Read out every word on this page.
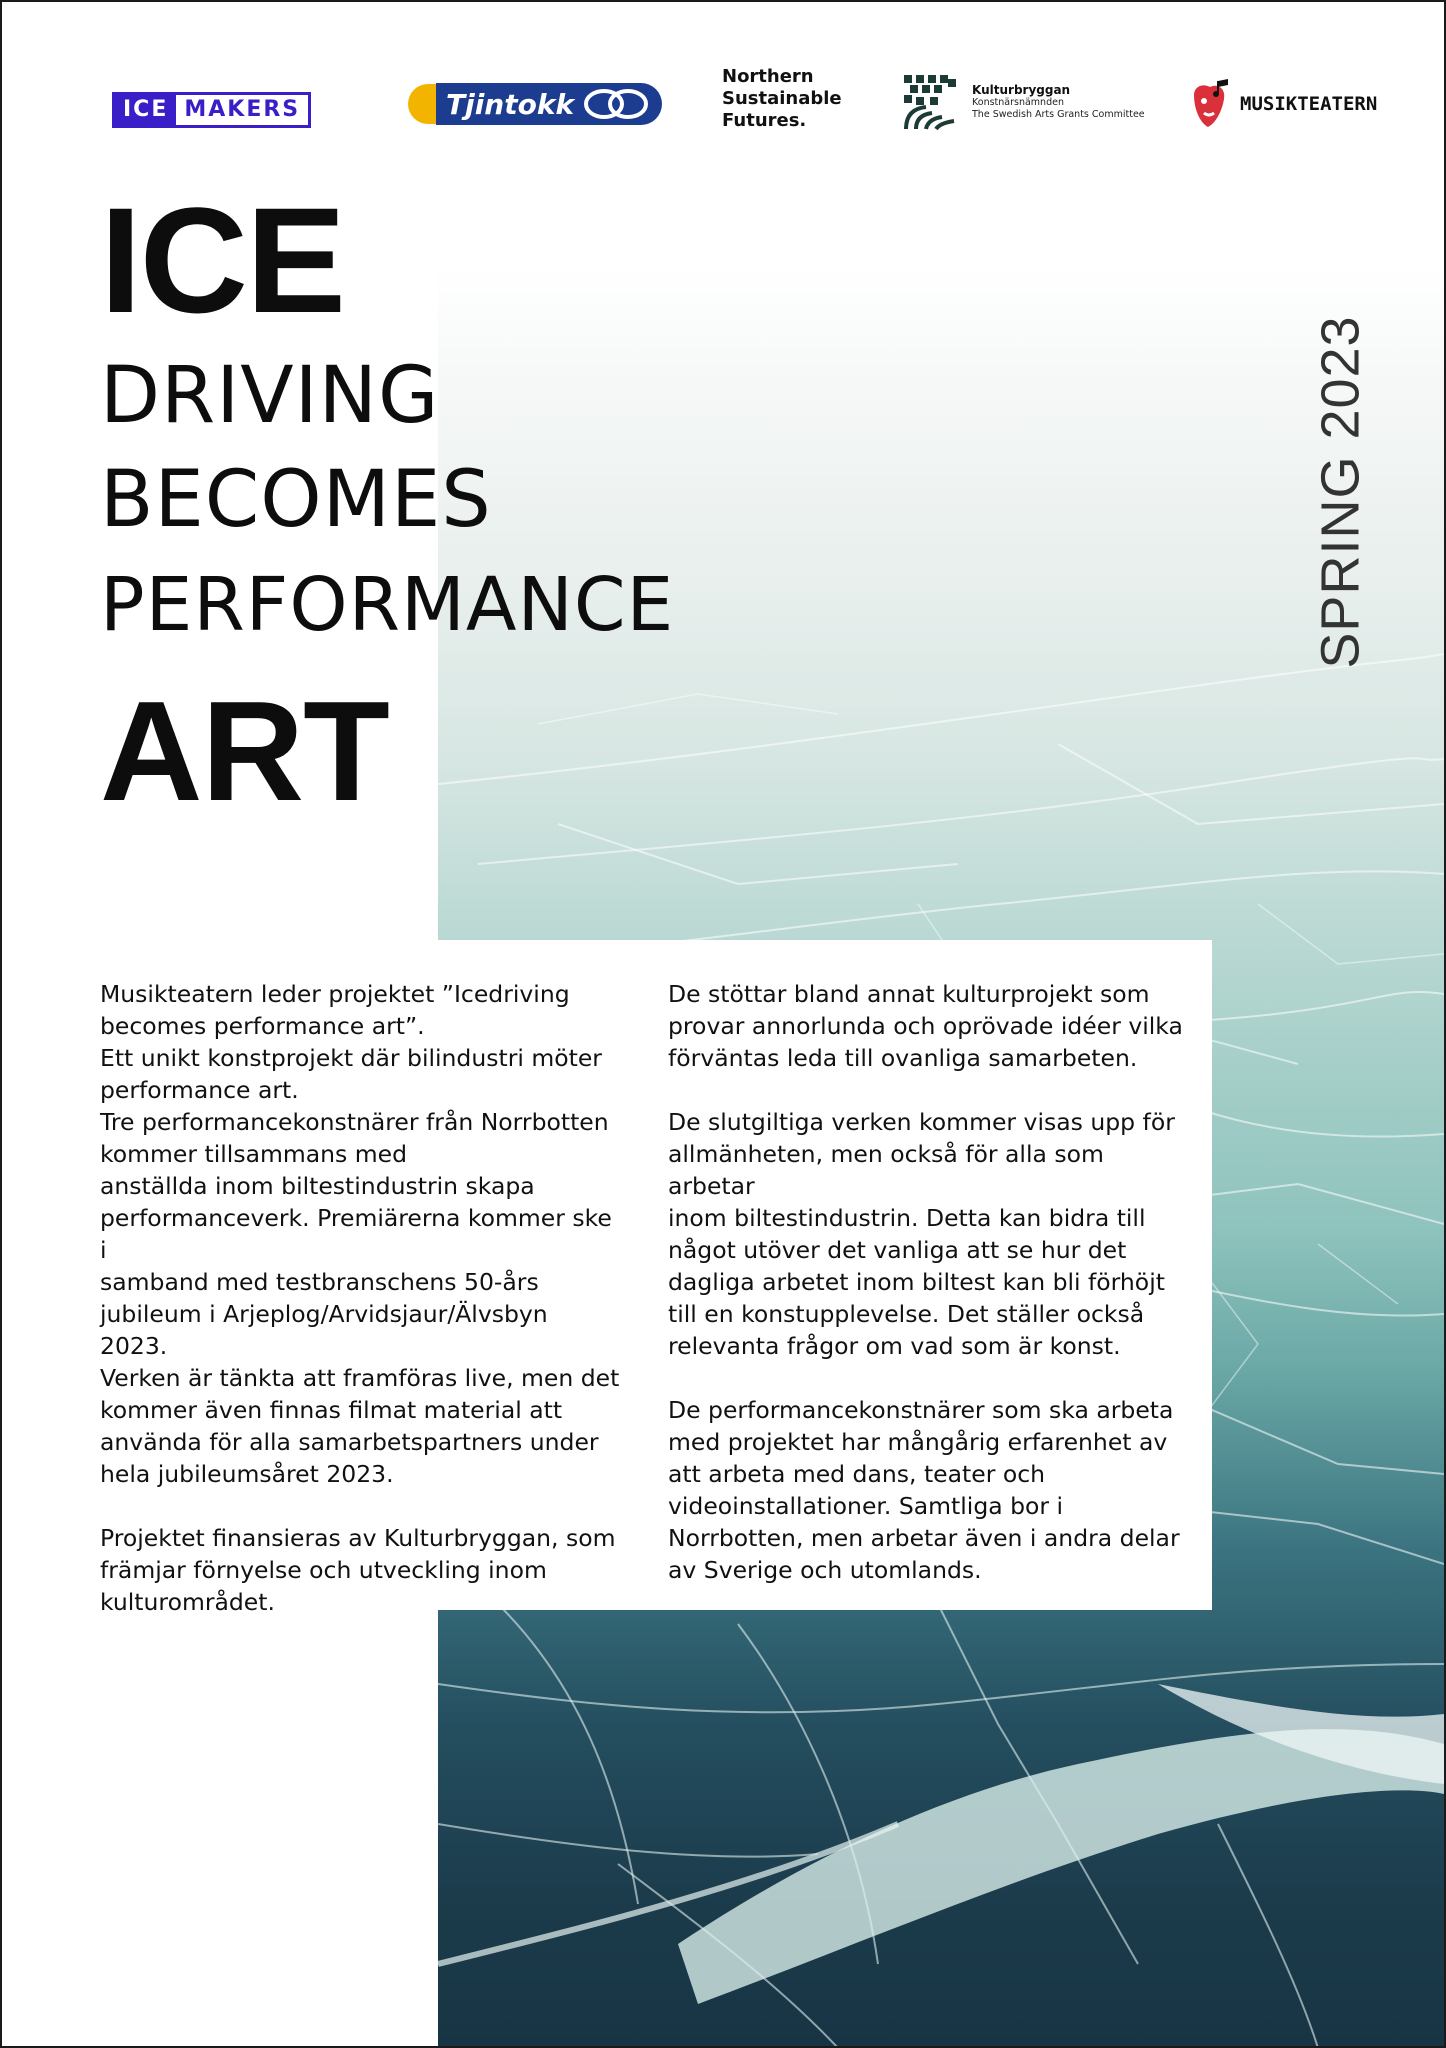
ICE MAKERS	Tjintokk
Northern
Sustainable
Futures.
Kulturbryggan
Konstnärsnämnden
The Swedish Arts Grants Committee	MUSIKTEATERN
ICE
DRIVING
BECOMES
PERFORMANCE
ART
SPRING 2023

Musikteatern leder projektet ”Icedriving

becomes performance art”.

Ett unikt konstprojekt där bilindustri möter

performance art.

Tre performancekonstnärer från Norrbotten

kommer tillsammans med

anställda inom biltestindustrin skapa

performanceverk. Premiärerna kommer ske i

samband med testbranschens 50-års

jubileum i Arjeplog/Arvidsjaur/Älvsbyn

2023.

Verken är tänkta att framföras live, men det

kommer även finnas filmat material att

använda för alla samarbetspartners under

hela jubileumsåret 2023.

Projektet finansieras av Kulturbryggan, som

främjar förnyelse och utveckling inom

kulturområdet.

De stöttar bland annat kulturprojekt som

provar annorlunda och oprövade idéer vilka

förväntas leda till ovanliga samarbeten.

De slutgiltiga verken kommer visas upp för

allmänheten, men också för alla som arbetar

inom biltestindustrin. Detta kan bidra till

något utöver det vanliga att se hur det

dagliga arbetet inom biltest kan bli förhöjt

till en konstupplevelse. Det ställer också

relevanta frågor om vad som är konst.

De performancekonstnärer som ska arbeta

med projektet har mångårig erfarenhet av

att arbeta med dans, teater och

videoinstallationer. Samtliga bor i

Norrbotten, men arbetar även i andra delar

av Sverige och utomlands.
